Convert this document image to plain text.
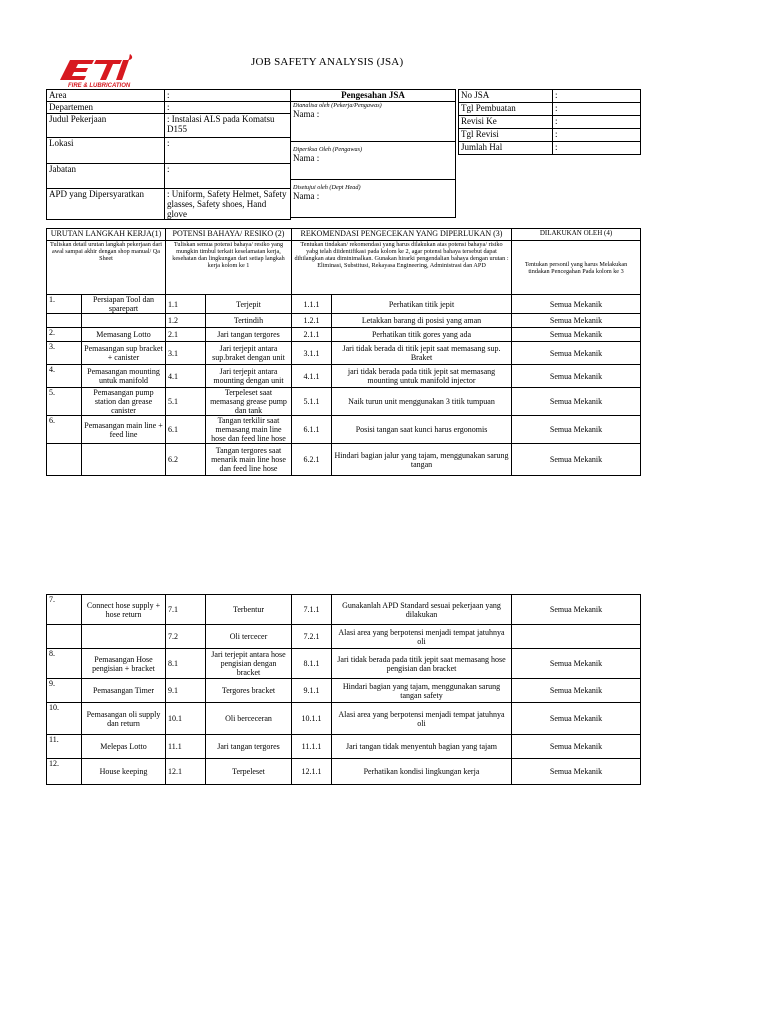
FIRE & LUBRICATION
JOB SAFETY ANALYSIS (JSA)
Area	:
Departemen	:
Judul Pekerjaan	: Instalasi ALS pada Komatsu D155
Lokasi	:
Jabatan	:
APD yang Dipersyaratkan	: Uniform, Safety Helmet, Safety glasses, Safety shoes, Hand glove
Pengesahan JSA

Dianalisa oleh (Pekerja/Pengawas)
Nama :

Diperiksa Oleh (Pengawas)
Nama :

Disetujui oleh (Dept Head)
Nama :
No JSA	:
Tgl Pembuatan	:
Revisi Ke	:
Tgl Revisi	:
Jumlah Hal	:
URUTAN LANGKAH KERJA(1)		POTENSI BAHAYA/ RESIKO (2)		REKOMENDASI PENGECEKAN YANG DIPERLUKAN (3)		DILAKUKAN OLEH (4)
Tuliskan detail urutan langkah pekerjaan dari awal sampai akhir dengan shop manual/ Qa Sheet		Tuliskan semua potensi bahaya/ resiko yang mungkin timbul terkait keselamatan kerja, kesehatan dan lingkungan dari setiap langkah kerja kolom ke 1		Tentukan tindakan/ rekomendasi yang harus dilakukan atas potensi bahaya/ risiko yabg telah diidentifikasi pada kolom ke 2, agar potensi bahaya tersebut dapat dihilangkan atau diminimalkan. Gunakan hirarki pengendalian bahaya dengan urutan : Eliminasi, Substitusi, Rekayasa Engineering, Administrasi dan APD		Tentukan personil yang harus Melakukan tindakan Pencegahan Pada kolom ke 3
1.	Persiapan Tool dan sparepart	1.1	Terjepit	1.1.1	Perhatikan titik jepit	Semua Mekanik
		1.2	Tertindih	1.2.1	Letakkan barang di posisi yang aman	Semua Mekanik
2.	Memasang Lotto	2.1	Jari tangan tergores	2.1.1	Perhatikan titik gores yang ada	Semua Mekanik
3.	Pemasangan sup bracket + canister	3.1	Jari terjepit antara sup.braket dengan unit	3.1.1	Jari tidak berada di titik jepit saat memasang sup. Braket	Semua Mekanik
4.	Pemasangan mounting untuk manifold	4.1	Jari terjepit antara mounting dengan unit	4.1.1	jari tidak berada pada titik jepit sat memasang mounting untuk manifold injector	Semua Mekanik
5.	Pemasangan pump station dan grease canister	5.1	Terpeleset saat memasang grease pump dan tank	5.1.1	Naik turun unit menggunakan 3 titik tumpuan	Semua Mekanik
6.	Pemasangan main line + feed line	6.1	Tangan terkilir saat memasang main line hose dan feed line hose	6.1.1	Posisi tangan saat kunci harus ergonomis	Semua Mekanik
		6.2	Tangan tergores saat menarik main line hose dan feed line hose	6.2.1	Hindari bagian jalur yang tajam, menggunakan sarung tangan	Semua Mekanik
7.	Connect hose supply + hose return	7.1	Terbentur	7.1.1	Gunakanlah APD Standard sesuai pekerjaan yang dilakukan	Semua Mekanik
		7.2	Oli tercecer	7.2.1	Alasi area yang berpotensi menjadi tempat jatuhnya oli	
8.	Pemasangan Hose pengisian + bracket	8.1	Jari terjepit antara hose pengisian dengan bracket	8.1.1	Jari tidak berada pada titik jepit saat memasang hose pengisian dan bracket	Semua Mekanik
9.	Pemasangan Timer	9.1	Tergores bracket	9.1.1	Hindari bagian yang tajam, menggunakan sarung tangan safety	Semua Mekanik
10.	Pemasangan oli supply dan return	10.1	Oli berceceran	10.1.1	Alasi area yang berpotensi menjadi tempat jatuhnya oli	Semua Mekanik
11.	Melepas Lotto	11.1	Jari tangan tergores	11.1.1	Jari tangan tidak menyentuh bagian yang tajam	Semua Mekanik
12.	House keeping	12.1	Terpeleset	12.1.1	Perhatikan kondisi lingkungan kerja	Semua Mekanik
